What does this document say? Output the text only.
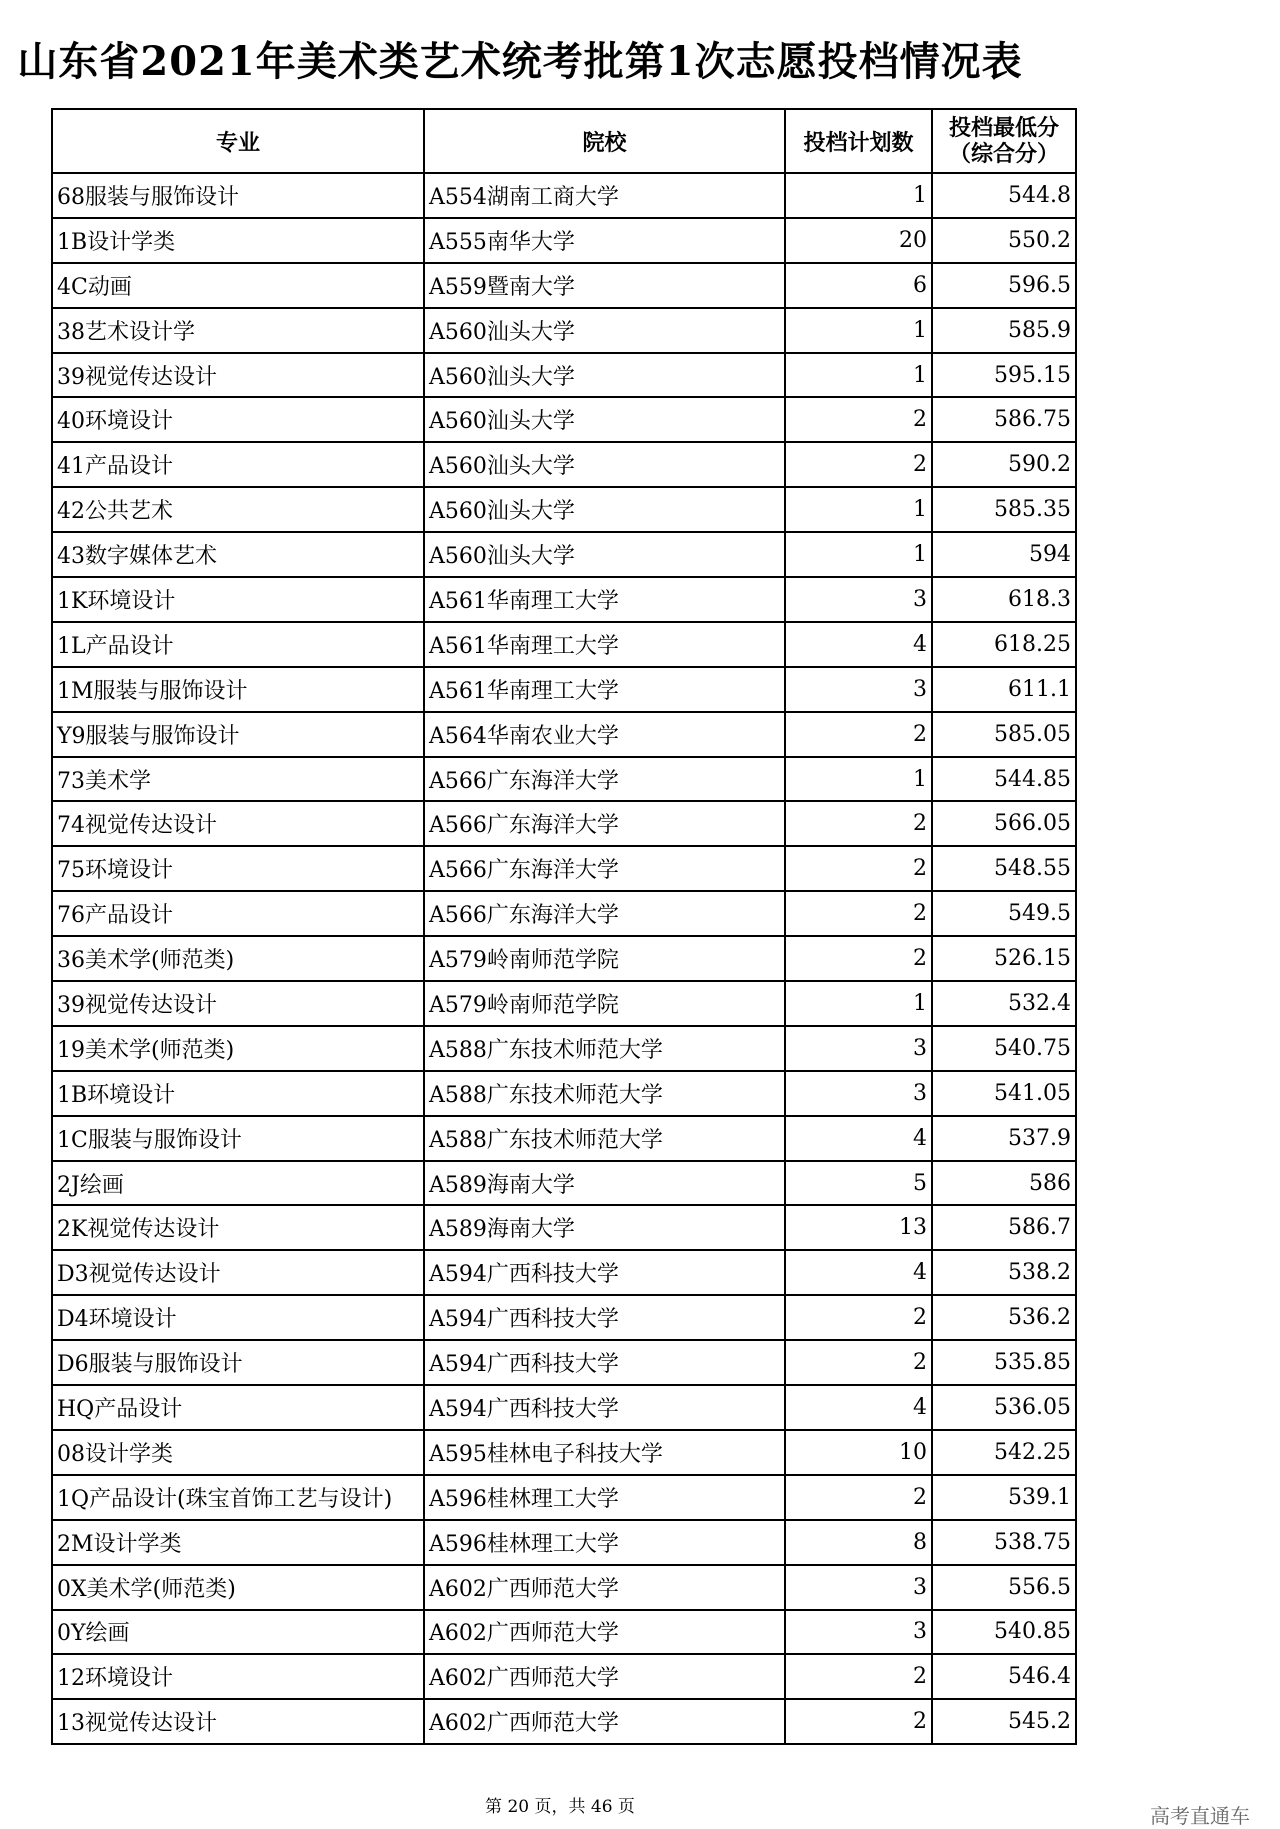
山东省2021年美术类艺术统考批第1次志愿投档情况表
专业	院校	投档计划数	投档最低分
（综合分）

68服装与服饰设计	A554湖南工商大学	1	544.8
1B设计学类	A555南华大学	20	550.2
4C动画	A559暨南大学	6	596.5
38艺术设计学	A560汕头大学	1	585.9
39视觉传达设计	A560汕头大学	1	595.15
40环境设计	A560汕头大学	2	586.75
41产品设计	A560汕头大学	2	590.2
42公共艺术	A560汕头大学	1	585.35
43数字媒体艺术	A560汕头大学	1	594
1K环境设计	A561华南理工大学	3	618.3
1L产品设计	A561华南理工大学	4	618.25
1M服装与服饰设计	A561华南理工大学	3	611.1
Y9服装与服饰设计	A564华南农业大学	2	585.05
73美术学	A566广东海洋大学	1	544.85
74视觉传达设计	A566广东海洋大学	2	566.05
75环境设计	A566广东海洋大学	2	548.55
76产品设计	A566广东海洋大学	2	549.5
36美术学(师范类)	A579岭南师范学院	2	526.15
39视觉传达设计	A579岭南师范学院	1	532.4
19美术学(师范类)	A588广东技术师范大学	3	540.75
1B环境设计	A588广东技术师范大学	3	541.05
1C服装与服饰设计	A588广东技术师范大学	4	537.9
2J绘画	A589海南大学	5	586
2K视觉传达设计	A589海南大学	13	586.7
D3视觉传达设计	A594广西科技大学	4	538.2
D4环境设计	A594广西科技大学	2	536.2
D6服装与服饰设计	A594广西科技大学	2	535.85
HQ产品设计	A594广西科技大学	4	536.05
08设计学类	A595桂林电子科技大学	10	542.25
1Q产品设计(珠宝首饰工艺与设计)	A596桂林理工大学	2	539.1
2M设计学类	A596桂林理工大学	8	538.75
0X美术学(师范类)	A602广西师范大学	3	556.5
0Y绘画	A602广西师范大学	3	540.85
12环境设计	A602广西师范大学	2	546.4
13视觉传达设计	A602广西师范大学	2	545.2
第 20 页，共 46 页	高考直通车
